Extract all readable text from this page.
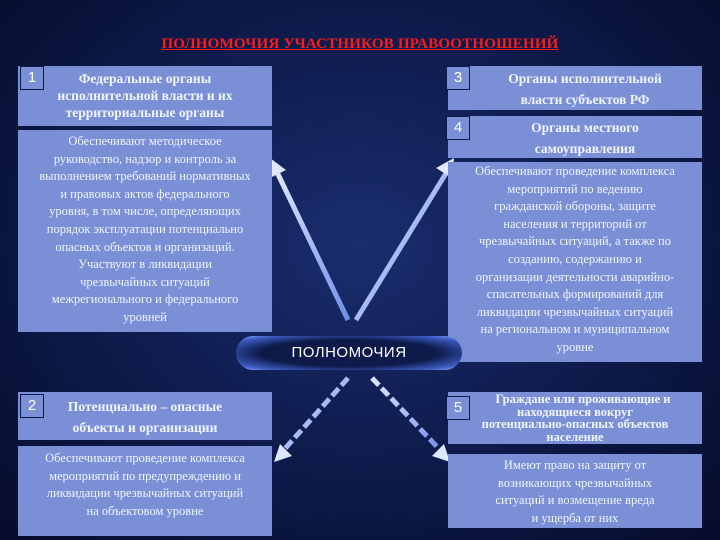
ПОЛНОМОЧИЯ УЧАСТНИКОВ ПРАВООТНОШЕНИЙ
Федеральные органы
исполнительной власти и их
территориальные органы
1
Обеспечивают методическое
руководство, надзор и контроль за
выполнением требований нормативных
и правовых актов федерального
уровня, в том числе, определяющих
порядок эксплуатации потенциально
опасных объектов и организаций.
Участвуют в ликвидации
чрезвычайных ситуаций
межрегионального и федерального
уровней
Потенциально – опасные
объекты и организации
2
Обеспечивают проведение комплекса
мероприятий по предупреждению и
ликвидации чрезвычайных ситуаций
на объектовом уровне
Органы исполнительной
власти субъектов РФ
3
Органы местного
самоуправления
4
Обеспечивают проведение комплекса
мероприятий по ведению
гражданской обороны, защите
населения и территорий от
чрезвычайных ситуаций, а также по
созданию, содержанию и
организации деятельности аварийно-
спасательных формирований для
ликвидации чрезвычайных ситуаций
на региональном и муниципальном
уровне
Граждане или проживающие и
находящиеся вокруг
потенциально-опасных объектов
население
5
Имеют право на защиту от
возникающих чрезвычайных
ситуаций и возмещение вреда
и ущерба от них
ПОЛНОМОЧИЯ
